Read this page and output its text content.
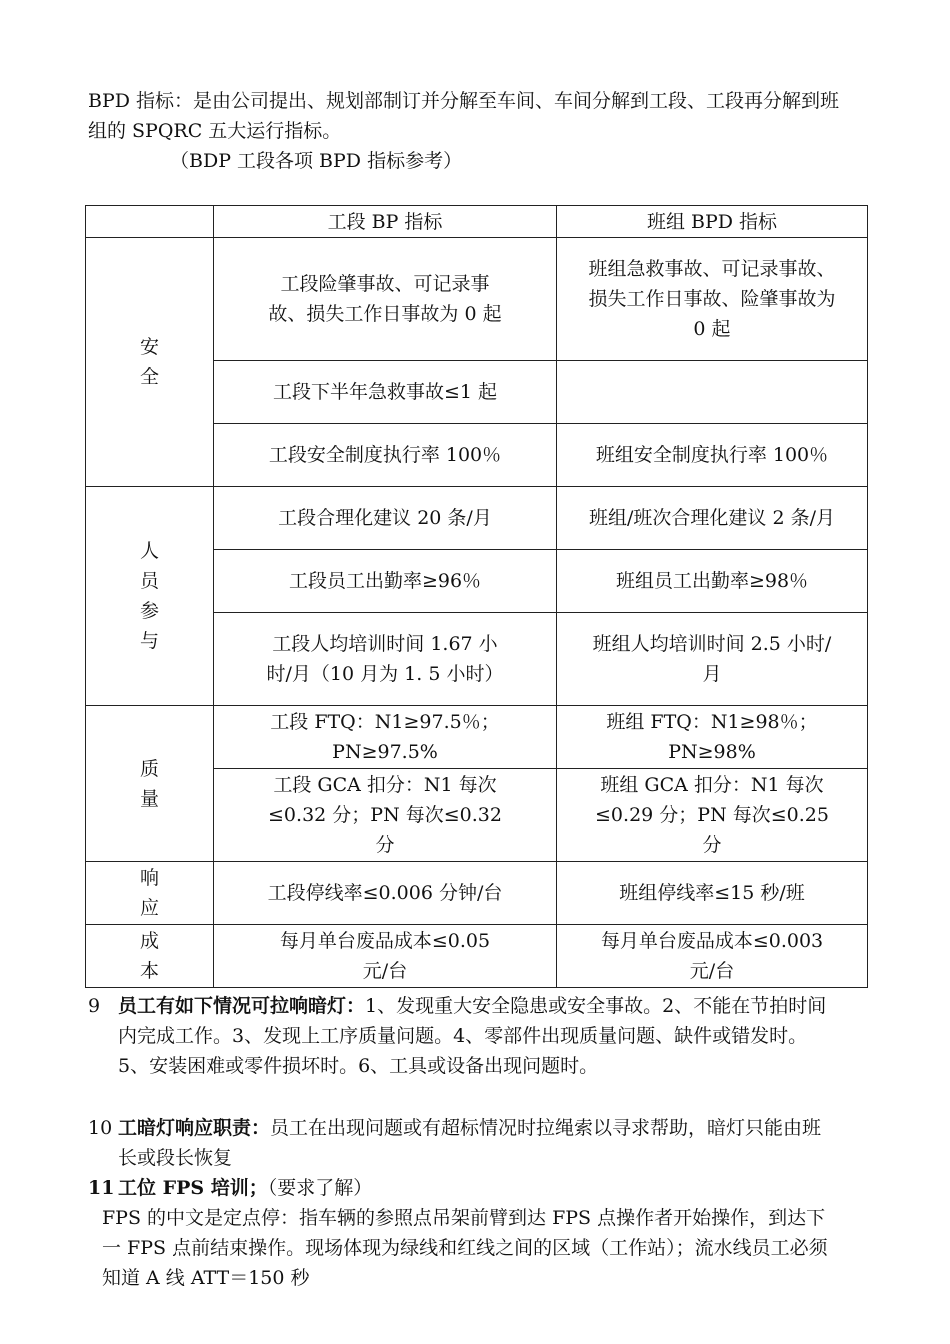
BPD 指标：是由公司提出、规划部制订并分解至车间、车间分解到工段、工段再分解到班组的 SPQRC 五大运行指标。

（BDP 工段各项 BPD 指标参考）

	工段 BP 指标	班组 BPD 指标
安
全	工段险肇事故、可记录事故、损失工作日事故为 0 起	班组急救事故、可记录事故、损失工作日事故、险肇事故为 0 起
	工段下半年急救事故≤1 起	
	工段安全制度执行率 100％	班组安全制度执行率 100％
人
员
参
与	工段合理化建议 20 条/月	班组/班次合理化建议 2 条/月
	工段员工出勤率≥96％	班组员工出勤率≥98％
	工段人均培训时间 1.67 小时/月（10 月为 1. 5 小时）	班组人均培训时间 2.5 小时/月
质
量	工段 FTQ：N1≥97.5％；PN≥97.5%	班组 FTQ：N1≥98％；PN≥98%
	工段 GCA 扣分：N1 每次≤0.32 分；PN 每次≤0.32 分	班组 GCA 扣分：N1 每次≤0.29 分；PN 每次≤0.25 分
响
应	工段停线率≤0.006 分钟/台	班组停线率≤15 秒/班
成
本	每月单台废品成本≤0.05 元/台	每月单台废品成本≤0.003 元/台
9 员工有如下情况可拉响暗灯：1、发现重大安全隐患或安全事故。2、不能在节拍时间内完成工作。3、发现上工序质量问题。4、零部件出现质量问题、缺件或错发时。5、安装困难或零件损坏时。6、工具或设备出现问题时。
10 工暗灯响应职责：员工在出现问题或有超标情况时拉绳索以寻求帮助，暗灯只能由班长或段长恢复
11 工位 FPS 培训；（要求了解）

FPS 的中文是定点停：指车辆的参照点吊架前臂到达 FPS 点操作者开始操作，到达下一 FPS 点前结束操作。现场体现为绿线和红线之间的区域（工作站）；流水线员工必须知道 A 线 ATT＝150 秒
